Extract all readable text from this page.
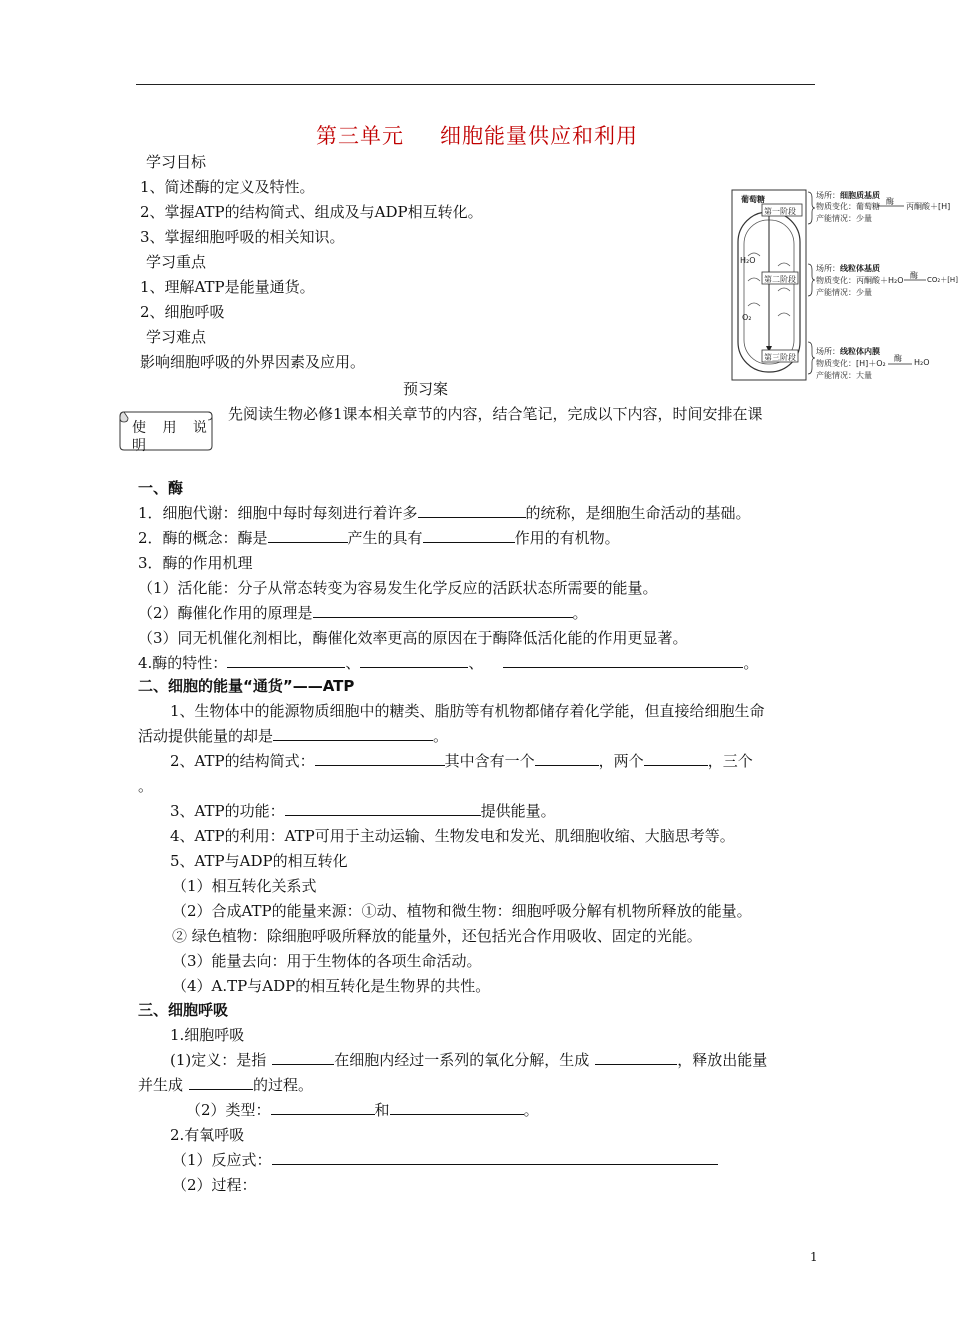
第三单元 细胞能量供应和利用
学习目标
1、简述酶的定义及特性。
2、掌握ATP的结构简式、组成及与ADP相互转化。
3、掌握细胞呼吸的相关知识。
学习重点
1、理解ATP是能量通货。
2、细胞呼吸
学习难点
影响细胞呼吸的外界因素及应用。
葡萄糖
第一阶段
H₂O
第二阶段
O₂
第三阶段
场所：细胞质基质
物质变化：葡萄糖
酶
丙酮酸＋[H]
产能情况：少量
场所：线粒体基质
物质变化：丙酮酸＋H₂O
酶 CO₂＋[H]
产能情况：少量
场所：线粒体内膜
物质变化：[H]＋O₂
酶 H₂O
产能情况：大量
预习案
使 用 说
明
先阅读生物必修1课本相关章节的内容，结合笔记，完成以下内容，时间安排在课
一、酶
1．细胞代谢：细胞中每时每刻进行着许多	的统称，是细胞生命活动的基础。
2．酶的概念：酶是	产生的具有	作用的有机物。
3．酶的作用机理
（1）活化能：分子从常态转变为容易发生化学反应的活跃状态所需要的能量。
（2）酶催化作用的原理是	。
（3）同无机催化剂相比，酶催化效率更高的原因在于酶降低活化能的作用更显著。
4.酶的特性：	、	、	。
二、细胞的能量“通货”——ATP
1、生物体中的能源物质细胞中的糖类、脂肪等有机物都储存着化学能，但直接给细胞生命
活动提供能量的却是	。
2、ATP的结构简式：	其中含有一个	，两个	，三个
。
3、ATP的功能：	提供能量。
4、ATP的利用：ATP可用于主动运输、生物发电和发光、肌细胞收缩、大脑思考等。
5、ATP与ADP的相互转化
（1）相互转化关系式
（2）合成ATP的能量来源：①动、植物和微生物：细胞呼吸分解有机物所释放的能量。
② 绿色植物：除细胞呼吸所释放的能量外，还包括光合作用吸收、固定的光能。
（3）能量去向：用于生物体的各项生命活动。
（4）A.TP与ADP的相互转化是生物界的共性。
三、细胞呼吸
1.细胞呼吸
(1)定义：是指	在细胞内经过一系列的氧化分解，生成	，释放出能量
并生成	的过程。
（2）类型：	和	。
2.有氧呼吸
（1）反应式：
（2）过程：
1
